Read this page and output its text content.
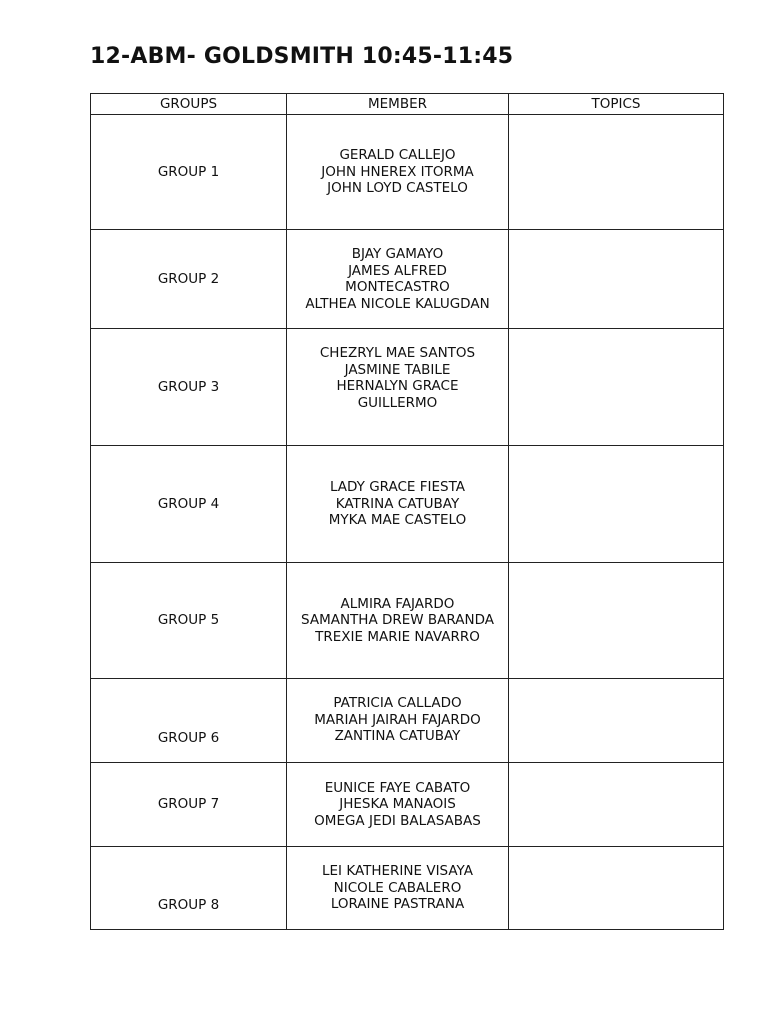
12-ABM- GOLDSMITH 10:45-11:45
GROUPS	MEMBER	TOPICS
GROUP 1	GERALD CALLEJO
JOHN HNEREX ITORMA
JOHN LOYD CASTELO	

GROUP 2	BJAY GAMAYO
JAMES ALFRED
MONTECASTRO
ALTHEA NICOLE KALUGDAN	

GROUP 3	CHEZRYL MAE SANTOS
JASMINE TABILE
HERNALYN GRACE
GUILLERMO	

GROUP 4	LADY GRACE FIESTA
KATRINA CATUBAY
MYKA MAE CASTELO	

GROUP 5	ALMIRA FAJARDO
SAMANTHA DREW BARANDA
TREXIE MARIE NAVARRO	

GROUP 6	PATRICIA CALLADO
MARIAH JAIRAH FAJARDO
ZANTINA CATUBAY	

GROUP 7	EUNICE FAYE CABATO
JHESKA MANAOIS
OMEGA JEDI BALASABAS	

GROUP 8	LEI KATHERINE VISAYA
NICOLE CABALERO
LORAINE PASTRANA	
